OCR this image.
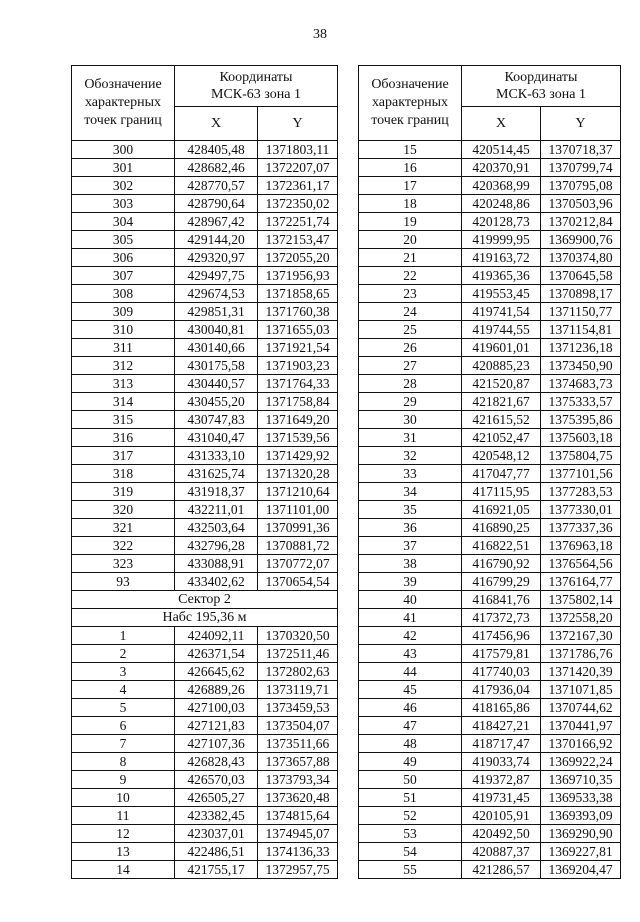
38
Обозначение
характерных
точек границ	Координаты
МСК-63 зона 1	
	X	Y
300	428405,48	1371803,11
301	428682,46	1372207,07
302	428770,57	1372361,17
303	428790,64	1372350,02
304	428967,42	1372251,74
305	429144,20	1372153,47
306	429320,97	1372055,20
307	429497,75	1371956,93
308	429674,53	1371858,65
309	429851,31	1371760,38
310	430040,81	1371655,03
311	430140,66	1371921,54
312	430175,58	1371903,23
313	430440,57	1371764,33
314	430455,20	1371758,84
315	430747,83	1371649,20
316	431040,47	1371539,56
317	431333,10	1371429,92
318	431625,74	1371320,28
319	431918,37	1371210,64
320	432211,01	1371101,00
321	432503,64	1370991,36
322	432796,28	1370881,72
323	433088,91	1370772,07
93	433402,62	1370654,54
Сектор 2		
Набс 195,36 м		
1	424092,11	1370320,50
2	426371,54	1372511,46
3	426645,62	1372802,63
4	426889,26	1373119,71
5	427100,03	1373459,53
6	427121,83	1373504,07
7	427107,36	1373511,66
8	426828,43	1373657,88
9	426570,03	1373793,34
10	426505,27	1373620,48
11	423382,45	1374815,64
12	423037,01	1374945,07
13	422486,51	1374136,33
14	421755,17	1372957,75
Обозначение
характерных
точек границ	Координаты
МСК-63 зона 1	
	X	Y
15	420514,45	1370718,37
16	420370,91	1370799,74
17	420368,99	1370795,08
18	420248,86	1370503,96
19	420128,73	1370212,84
20	419999,95	1369900,76
21	419163,72	1370374,80
22	419365,36	1370645,58
23	419553,45	1370898,17
24	419741,54	1371150,77
25	419744,55	1371154,81
26	419601,01	1371236,18
27	420885,23	1373450,90
28	421520,87	1374683,73
29	421821,67	1375333,57
30	421615,52	1375395,86
31	421052,47	1375603,18
32	420548,12	1375804,75
33	417047,77	1377101,56
34	417115,95	1377283,53
35	416921,05	1377330,01
36	416890,25	1377337,36
37	416822,51	1376963,18
38	416790,92	1376564,56
39	416799,29	1376164,77
40	416841,76	1375802,14
41	417372,73	1372558,20
42	417456,96	1372167,30
43	417579,81	1371786,76
44	417740,03	1371420,39
45	417936,04	1371071,85
46	418165,86	1370744,62
47	418427,21	1370441,97
48	418717,47	1370166,92
49	419033,74	1369922,24
50	419372,87	1369710,35
51	419731,45	1369533,38
52	420105,91	1369393,09
53	420492,50	1369290,90
54	420887,37	1369227,81
55	421286,57	1369204,47
